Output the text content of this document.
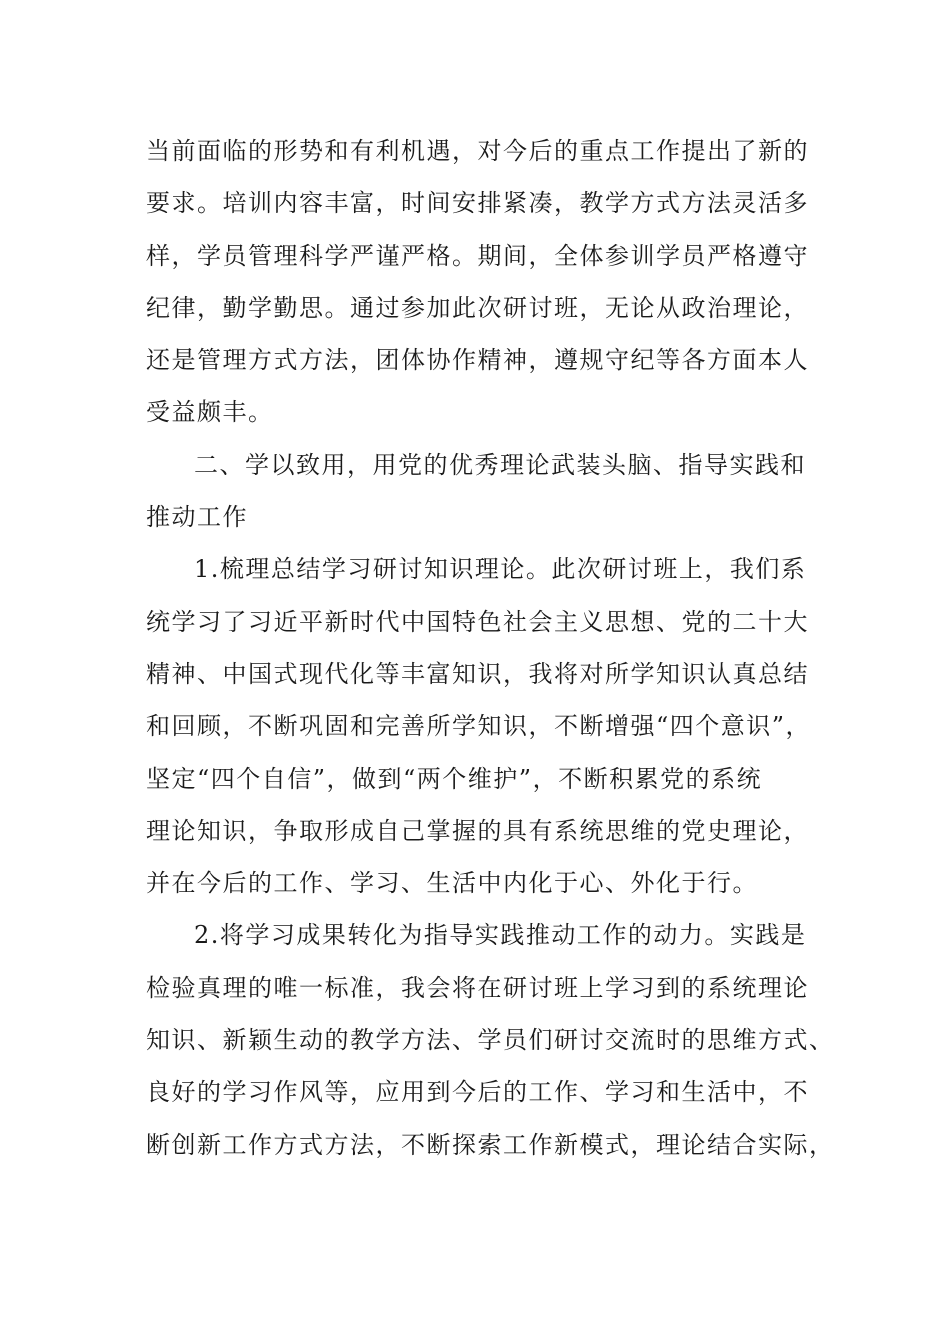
当前面临的形势和有利机遇，对今后的重点工作提出了新的
要求。培训内容丰富，时间安排紧凑，教学方式方法灵活多
样，学员管理科学严谨严格。期间，全体参训学员严格遵守
纪律，勤学勤思。通过参加此次研讨班，无论从政治理论，
还是管理方式方法，团体协作精神，遵规守纪等各方面本人
受益颇丰。
二、学以致用，用党的优秀理论武装头脑、指导实践和
推动工作
1.梳理总结学习研讨知识理论。此次研讨班上，我们系
统学习了习近平新时代中国特色社会主义思想、党的二十大
精神、中国式现代化等丰富知识，我将对所学知识认真总结
和回顾，不断巩固和完善所学知识，不断增强“四个意识”，
坚定“四个自信”，做到“两个维护”，不断积累党的系统
理论知识，争取形成自己掌握的具有系统思维的党史理论，
并在今后的工作、学习、生活中内化于心、外化于行。
2.将学习成果转化为指导实践推动工作的动力。实践是
检验真理的唯一标准，我会将在研讨班上学习到的系统理论
知识、新颖生动的教学方法、学员们研讨交流时的思维方式、
良好的学习作风等，应用到今后的工作、学习和生活中，不
断创新工作方式方法，不断探索工作新模式，理论结合实际，
